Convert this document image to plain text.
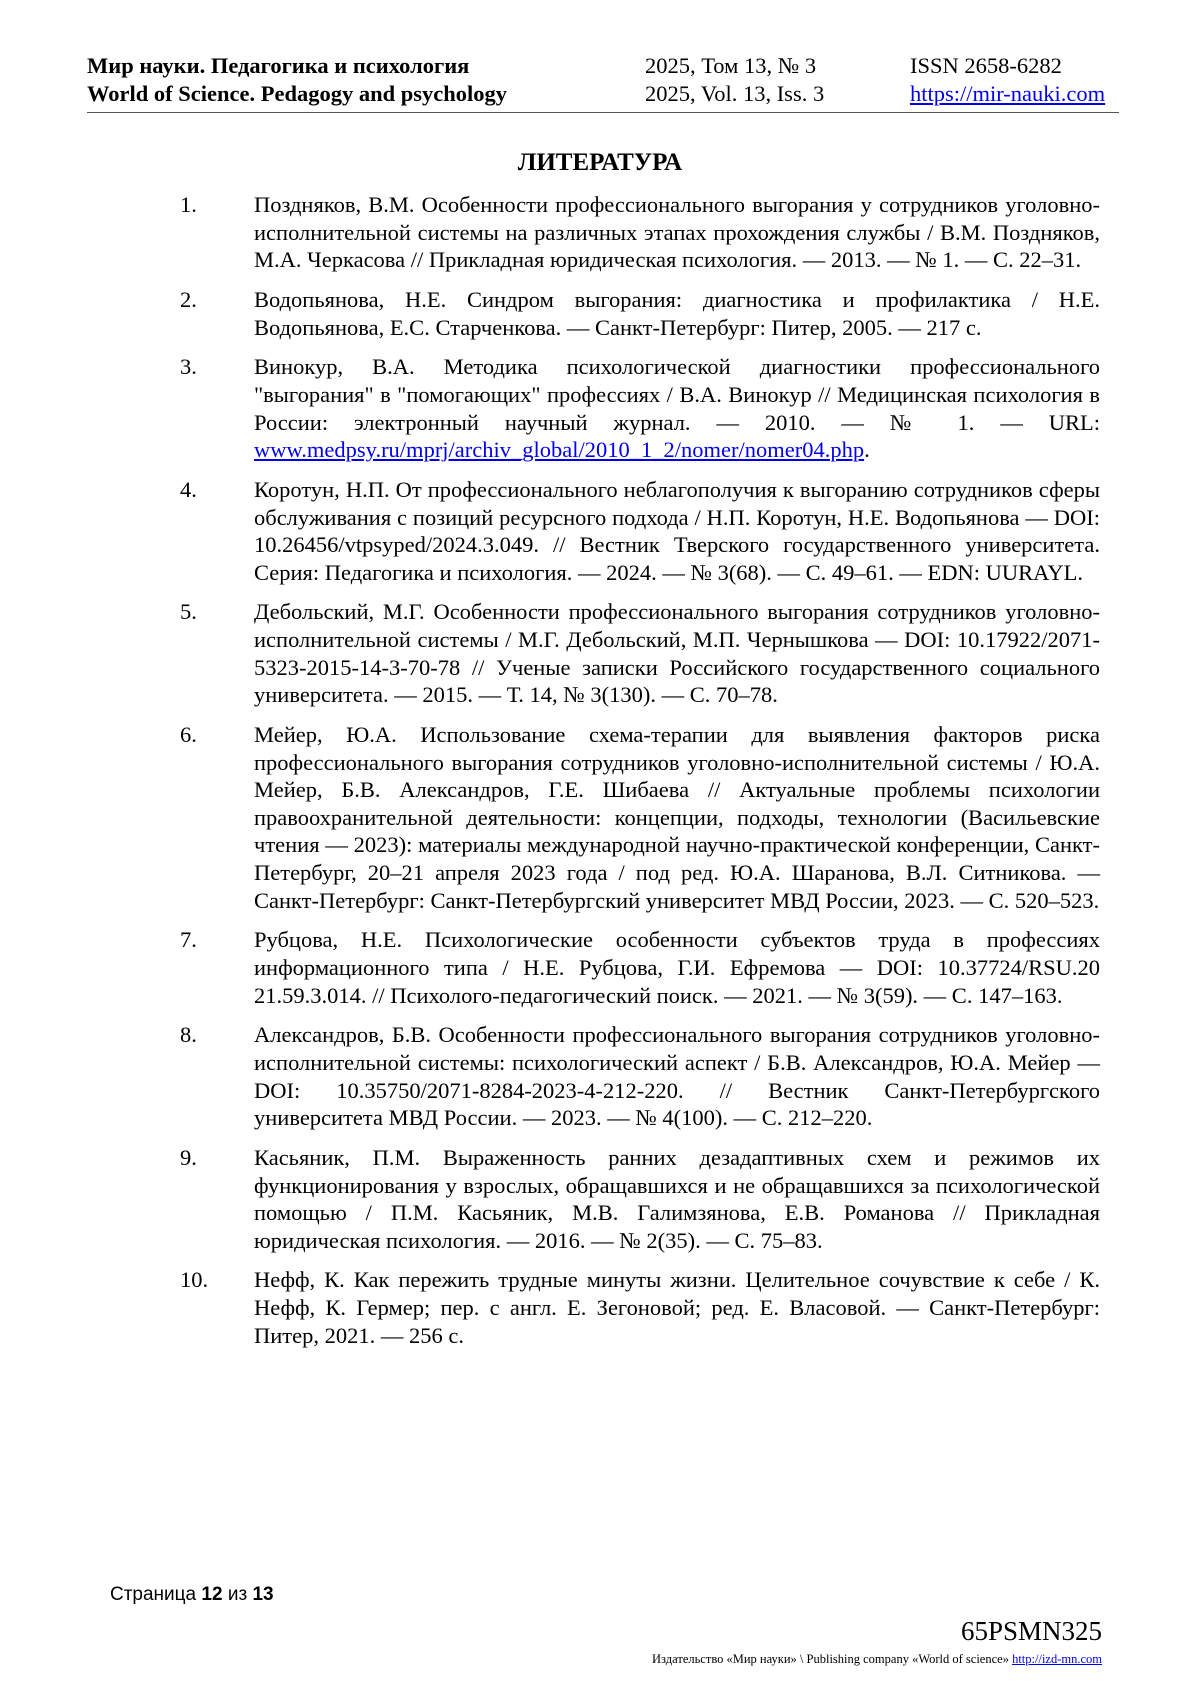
Мир науки. Педагогика и психология
World of Science. Pedagogy and psychology
2025, Том 13, № 3
2025, Vol. 13, Iss. 3
ISSN 2658-6282
https://mir-nauki.com
ЛИТЕРАТУРА
1.	Поздняков, В.М. Особенности профессионального выгорания у сотрудников уголовно-исполнительной системы на различных этапах прохождения службы / В.М. Поздняков, М.А. Черкасова // Прикладная юридическая психология. — 2013. — № 1. — С. 22–31.
2.	Водопьянова, Н.Е. Синдром выгорания: диагностика и профилактика / Н.Е. Водопьянова, Е.С. Старченкова. — Санкт-Петербург: Питер, 2005. — 217 с.
3.	Винокур, В.А. Методика психологической диагностики профессионального "выгорания" в "помогающих" профессиях / В.А. Винокур // Медицинская психология в России: электронный научный журнал. — 2010. — № 1. — URL: www.medpsy.ru/mprj/archiv_global/2010_1_2/nomer/nomer04.php.
4.	Коротун, Н.П. От профессионального неблагополучия к выгоранию сотрудников сферы обслуживания с позиций ресурсного подхода / Н.П. Коротун, Н.Е. Водопьянова — DOI: 10.26456/vtpsyped/2024.3.049. // Вестник Тверского государственного университета. Серия: Педагогика и психология. — 2024. — № 3(68). — С. 49–61. — EDN: UURAYL.
5.	Дебольский, М.Г. Особенности профессионального выгорания сотрудников уголовно-исполнительной системы / М.Г. Дебольский, М.П. Чернышкова — DOI: 10.17922/2071-5323-2015-14-3-70-78 // Ученые записки Российского государственного социального университета. — 2015. — Т. 14, № 3(130). — С. 70–78.
6.	Мейер, Ю.А. Использование схема-терапии для выявления факторов риска профессионального выгорания сотрудников уголовно-исполнительной системы / Ю.А. Мейер, Б.В. Александров, Г.Е. Шибаева // Актуальные проблемы психологии правоохранительной деятельности: концепции, подходы, технологии (Васильевские чтения — 2023): материалы международной научно-практической конференции, Санкт-Петербург, 20–21 апреля 2023 года / под ред. Ю.А. Шаранова, В.Л. Ситникова. — Санкт-Петербург: Санкт-Петербургский университет МВД России, 2023. — С. 520–523.
7.	Рубцова, Н.Е. Психологические особенности субъектов труда в профессиях информационного типа / Н.Е. Рубцова, Г.И. Ефремова — DOI: 10.37724/RSU.20 21.59.3.014. // Психолого-педагогический поиск. — 2021. — № 3(59). — С. 147–163.
8.	Александров, Б.В. Особенности профессионального выгорания сотрудников уголовно-исполнительной системы: психологический аспект / Б.В. Александров, Ю.А. Мейер — DOI: 10.35750/2071-8284-2023-4-212-220. // Вестник Санкт-Петербургского университета МВД России. — 2023. — № 4(100). — С. 212–220.
9.	Касьяник, П.М. Выраженность ранних дезадаптивных схем и режимов их функционирования у взрослых, обращавшихся и не обращавшихся за психологической помощью / П.М. Касьяник, М.В. Галимзянова, Е.В. Романова // Прикладная юридическая психология. — 2016. — № 2(35). — С. 75–83.
10. Нефф, К. Как пережить трудные минуты жизни. Целительное сочувствие к себе / К. Нефф, К. Гермер; пер. с англ. Е. Зегоновой; ред. Е. Власовой. — Санкт-Петербург: Питер, 2021. — 256 с.
Страница 12 из 13
65PSMN325
Издательство «Мир науки» \ Publishing company «World of science» http://izd-mn.com
